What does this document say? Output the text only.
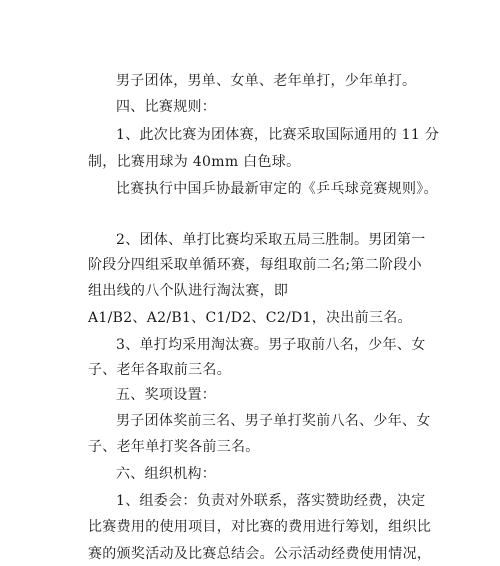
男子团体，男单、女单、老年单打，少年单打。
四、比赛规则：
1、此次比赛为团体赛，比赛采取国际通用的 11 分
制，比赛用球为 40mm 白色球。
比赛执行中国乒协最新审定的《乒乓球竞赛规则》。
2、团体、单打比赛均采取五局三胜制。男团第一
阶段分四组采取单循环赛，每组取前二名;第二阶段小
组出线的八个队进行淘汰赛，即
A1/B2、A2/B1、C1/D2、C2/D1，决出前三名。
3、单打均采用淘汰赛。男子取前八名，少年、女
子、老年各取前三名。
五、奖项设置：
男子团体奖前三名、男子单打奖前八名、少年、女
子、老年单打奖各前三名。
六、组织机构：
1、组委会：负责对外联系，落实赞助经费，决定
比赛费用的使用项目，对比赛的费用进行筹划，组织比
赛的颁奖活动及比赛总结会。公示活动经费使用情况，
